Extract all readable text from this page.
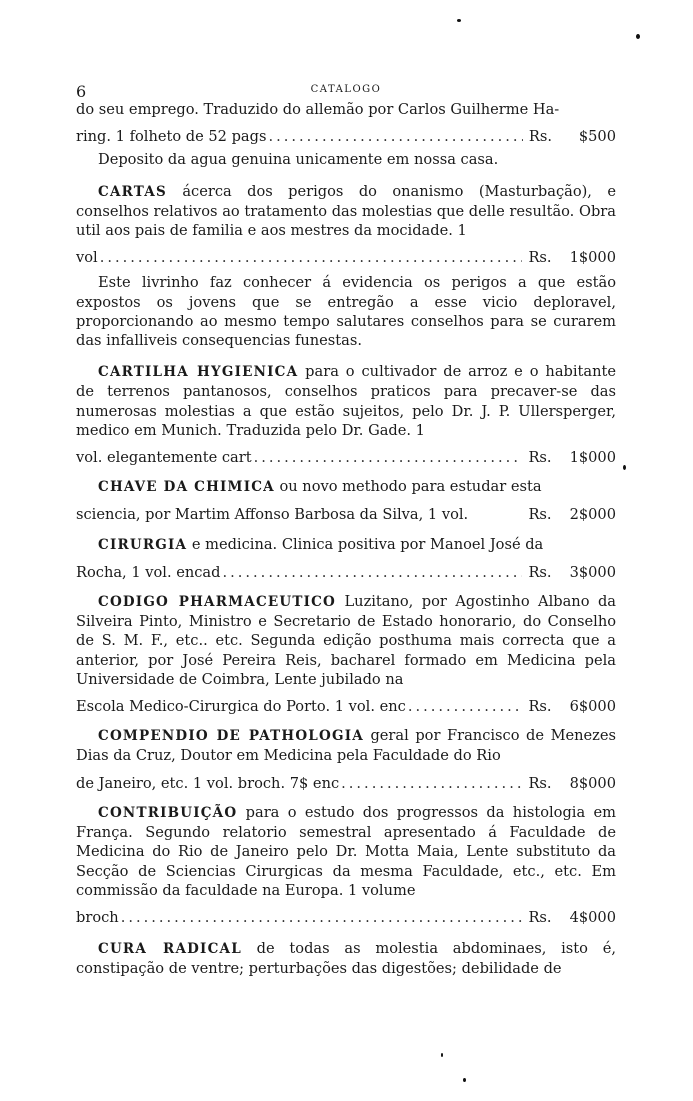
6	CATALOGO

do seu emprego. Traduzido do allemão por Carlos Guilherme Ha-

ring. 1 folheto de 52 pags .....	Rs.	$500

Deposito da agua genuina unicamente em nossa casa.

CARTAS ácerca dos perigos do onanismo (Masturbação), e conselhos relativos ao tratamento das molestias que delle resultão. Obra util aos pais de familia e aos mestres da mocidade. 1

vol .....	Rs. 1$000

Este livrinho faz conhecer á evidencia os perigos a que estão expostos os jovens que se entregão a esse vicio deploravel, proporcionando ao mesmo tempo salutares conselhos para se curarem das infalliveis consequencias funestas.

CARTILHA HYGIENICA para o cultivador de arroz e o habitante de terrenos pantanosos, conselhos praticos para precaver-se das numerosas molestias a que estão sujeitos, pelo Dr. J. P. Ullersperger, medico em Munich. Traduzida pelo Dr. Gade. 1

vol. elegantemente cart .....	Rs. 1$000

CHAVE DA CHIMICA ou novo methodo para estudar esta

sciencia, por Martim Affonso Barbosa da Silva, 1 vol.	Rs. 2$000

CIRURGIA e medicina. Clinica positiva por Manoel José da

Rocha, 1 vol. encad .....	Rs. 3$000

CODIGO PHARMACEUTICO Luzitano, por Agostinho Albano da Silveira Pinto, Ministro e Secretario de Estado honorario, do Conselho de S. M. F., etc.. etc. Segunda edição posthuma mais correcta que a anterior, por José Pereira Reis, bacharel formado em Medicina pela Universidade de Coimbra, Lente jubilado na

Escola Medico-Cirurgica do Porto. 1 vol. enc .....	Rs. 6$000

COMPENDIO DE PATHOLOGIA geral por Francisco de Menezes Dias da Cruz, Doutor em Medicina pela Faculdade do Rio

de Janeiro, etc. 1 vol. broch. 7$ enc .....	Rs. 8$000

CONTRIBUIÇÃO para o estudo dos progressos da histologia em França. Segundo relatorio semestral apresentado á Faculdade de Medicina do Rio de Janeiro pelo Dr. Motta Maia, Lente substituto da Secção de Sciencias Cirurgicas da mesma Faculdade, etc., etc. Em commissão da faculdade na Europa. 1 volume

broch .....	Rs. 4$000

CURA RADICAL de todas as molestia abdominaes, isto é, constipação de ventre; perturbações das digestões; debilidade de
